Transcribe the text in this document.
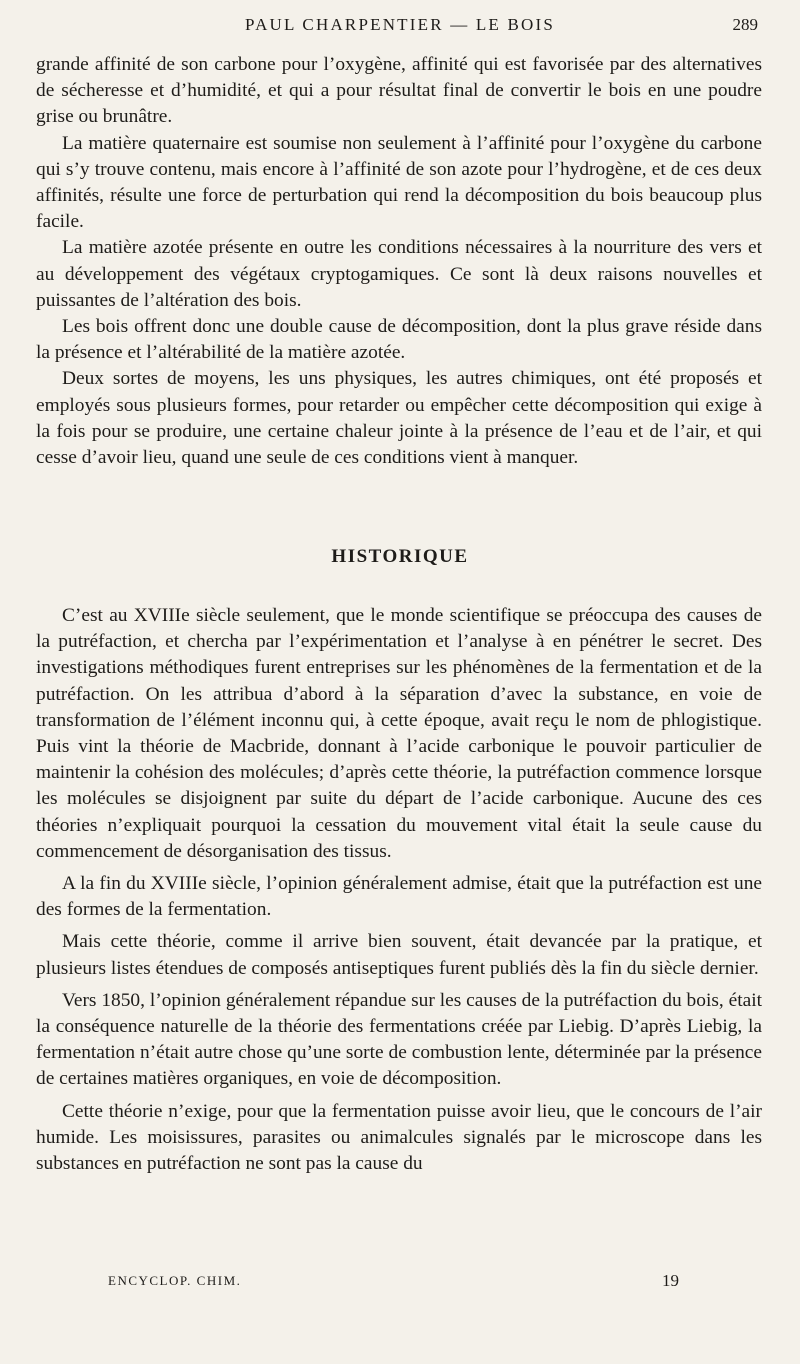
PAUL CHARPENTIER — LE BOIS	289

grande affinité de son carbone pour l’oxygène, affinité qui est favorisée par des alternatives de sécheresse et d’humidité, et qui a pour résultat final de convertir le bois en une poudre grise ou brunâtre.

La matière quaternaire est soumise non seulement à l’affinité pour l’oxygène du carbone qui s’y trouve contenu, mais encore à l’affinité de son azote pour l’hydrogène, et de ces deux affinités, résulte une force de perturbation qui rend la décomposition du bois beaucoup plus facile.

La matière azotée présente en outre les conditions nécessaires à la nourriture des vers et au développement des végétaux cryptogamiques. Ce sont là deux raisons nouvelles et puissantes de l’altération des bois.

Les bois offrent donc une double cause de décomposition, dont la plus grave réside dans la présence et l’altérabilité de la matière azotée.

Deux sortes de moyens, les uns physiques, les autres chimiques, ont été proposés et employés sous plusieurs formes, pour retarder ou empêcher cette décomposition qui exige à la fois pour se produire, une certaine chaleur jointe à la présence de l’eau et de l’air, et qui cesse d’avoir lieu, quand une seule de ces conditions vient à manquer.

HISTORIQUE

C’est au XVIIIe siècle seulement, que le monde scientifique se préoccupa des causes de la putréfaction, et chercha par l’expérimentation et l’analyse à en pénétrer le secret. Des investigations méthodiques furent entreprises sur les phénomènes de la fermentation et de la putréfaction. On les attribua d’abord à la séparation d’avec la substance, en voie de transformation de l’élément inconnu qui, à cette époque, avait reçu le nom de phlogistique. Puis vint la théorie de Macbride, donnant à l’acide carbonique le pouvoir particulier de maintenir la cohésion des molécules; d’après cette théorie, la putréfaction commence lorsque les molécules se disjoignent par suite du départ de l’acide carbonique. Aucune des ces théories n’expliquait pourquoi la cessation du mouvement vital était la seule cause du commencement de désorganisation des tissus.

A la fin du XVIIIe siècle, l’opinion généralement admise, était que la putréfaction est une des formes de la fermentation.

Mais cette théorie, comme il arrive bien souvent, était devancée par la pratique, et plusieurs listes étendues de composés antiseptiques furent publiés dès la fin du siècle dernier.

Vers 1850, l’opinion généralement répandue sur les causes de la putréfaction du bois, était la conséquence naturelle de la théorie des fermentations créée par Liebig. D’après Liebig, la fermentation n’était autre chose qu’une sorte de combustion lente, déterminée par la présence de certaines matières organiques, en voie de décomposition.

Cette théorie n’exige, pour que la fermentation puisse avoir lieu, que le concours de l’air humide. Les moisissures, parasites ou animalcules signalés par le microscope dans les substances en putréfaction ne sont pas la cause du

ENCYCLOP. CHIM.	19
